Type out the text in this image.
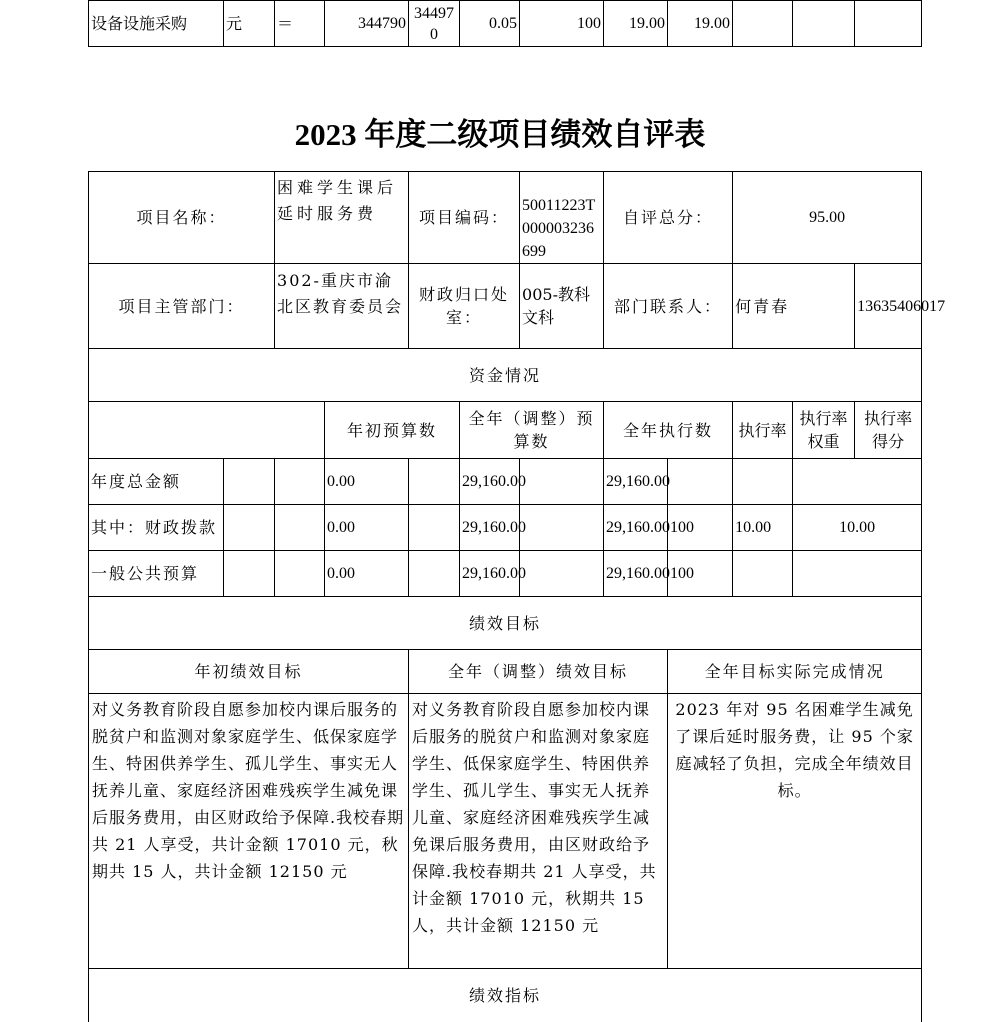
设备设施采购	元	＝	344790	344970	0.05	100	19.00	19.00			
2023 年度二级项目绩效自评表
项目名称：		困难学生课后延时服务费		项目编码：		50011223T000003236699	自评总分：		95.00		
项目主管部门：		302-重庆市渝北区教育委员会		财政归口处室：		005-教科文科	部门联系人：		何青春		13635406017
资金情况											
			年初预算数		全年（调整）预算数		全年执行数		执行率	执行率权重	执行率得分
年度总金额			0.00		29,160.00		29,160.00				
其中：财政拨款			0.00		29,160.00		29,160.00	100	10.00	10.00	
一般公共预算			0.00		29,160.00		29,160.00	100			
绩效目标											
年初绩效目标				全年（调整）绩效目标				全年目标实际完成情况			
对义务教育阶段自愿参加校内课后服务的脱贫户和监测对象家庭学生、低保家庭学生、特困供养学生、孤儿学生、事实无人抚养儿童、家庭经济困难残疾学生减免课后服务费用，由区财政给予保障.我校春期共 21 人享受，共计金额 17010 元，秋期共 15 人，共计金额 12150 元				对义务教育阶段自愿参加校内课后服务的脱贫户和监测对象家庭学生、低保家庭学生、特困供养学生、孤儿学生、事实无人抚养儿童、家庭经济困难残疾学生减免课后服务费用，由区财政给予保障.我校春期共 21 人享受，共计金额 17010 元，秋期共 15 人，共计金额 12150 元				2023 年对 95 名困难学生减免了课后延时服务费，让 95 个家庭减轻了负担，完成全年绩效目标。			
绩效指标											
